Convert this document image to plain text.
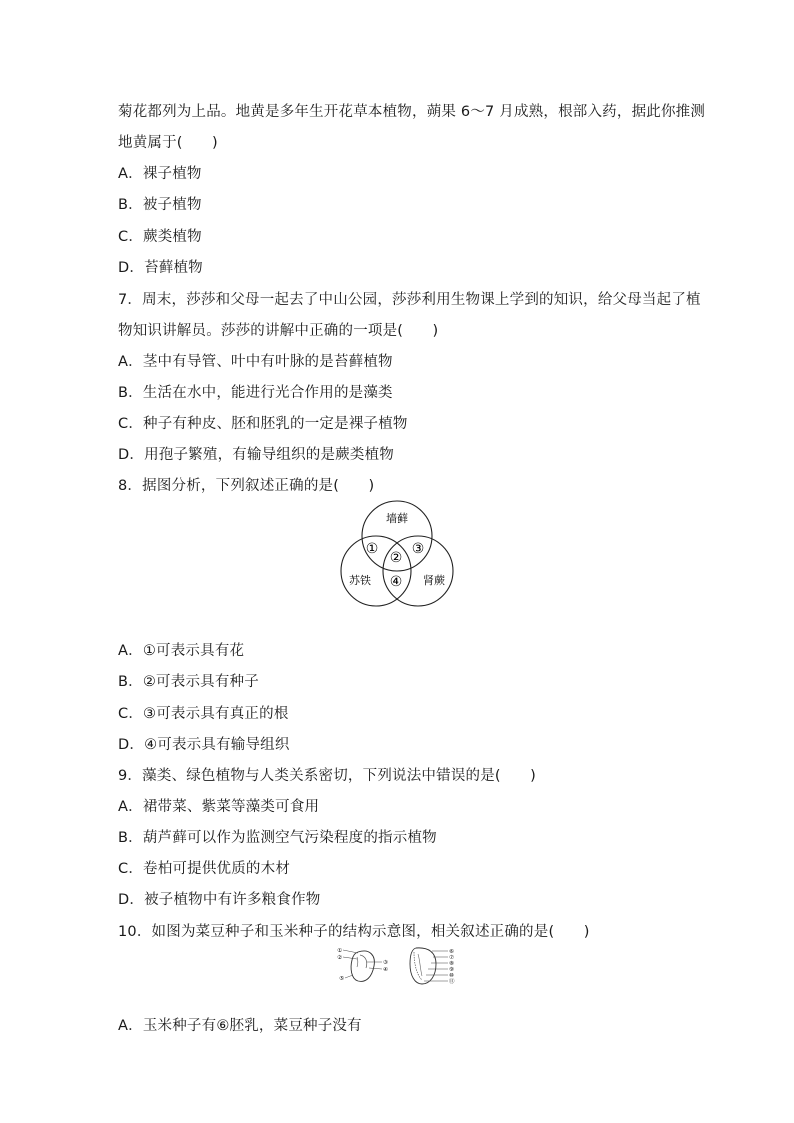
菊花都列为上品。地黄是多年生开花草本植物，蒴果 6～7 月成熟，根部入药，据此你推测
地黄属于(　　)
A．裸子植物
B．被子植物
C．蕨类植物
D．苔藓植物
7．周末，莎莎和父母一起去了中山公园，莎莎利用生物课上学到的知识，给父母当起了植
物知识讲解员。莎莎的讲解中正确的一项是(　　)
A．茎中有导管、叶中有叶脉的是苔藓植物
B．生活在水中，能进行光合作用的是藻类
C．种子有种皮、胚和胚乳的一定是裸子植物
D．用孢子繁殖，有输导组织的是蕨类植物
8．据图分析，下列叙述正确的是(　　)
墙藓
苏铁	肾蕨
①
②
③
④
A．①可表示具有花
B．②可表示具有种子
C．③可表示具有真正的根
D．④可表示具有输导组织
9．藻类、绿色植物与人类关系密切，下列说法中错误的是(　　)
A．裙带菜、紫菜等藻类可食用
B．葫芦藓可以作为监测空气污染程度的指示植物
C．卷柏可提供优质的木材
D．被子植物中有许多粮食作物
10．如图为菜豆种子和玉米种子的结构示意图，相关叙述正确的是(　　)
①
②
③
④
⑤
⑥
⑦
⑧
⑨
⑩
⑪
A．玉米种子有⑥胚乳，菜豆种子没有
